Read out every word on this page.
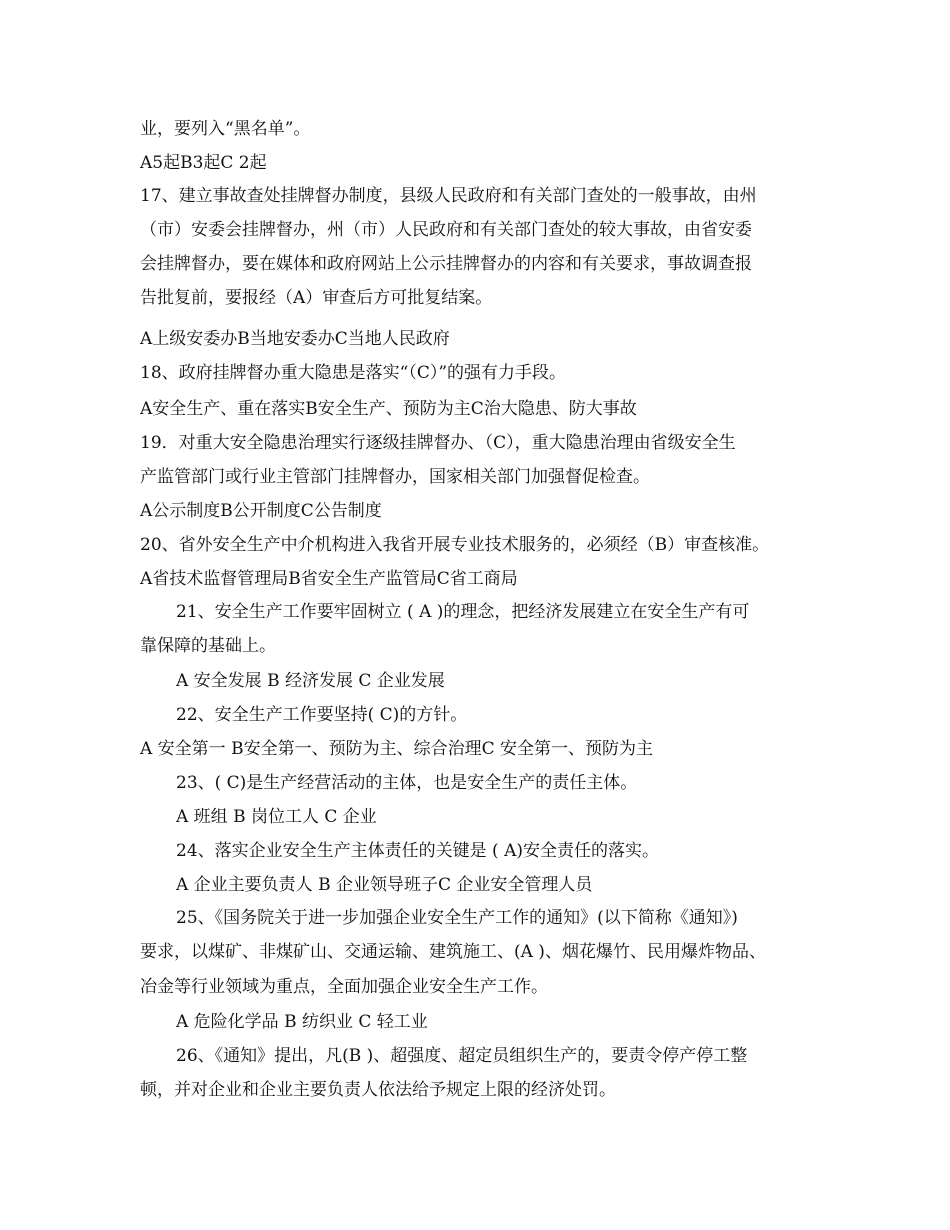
业，要列入“黑名单”。

A5起B3起C 2起

17、建立事故查处挂牌督办制度，县级人民政府和有关部门查处的一般事故，由州

（市）安委会挂牌督办，州（市）人民政府和有关部门查处的较大事故，由省安委

会挂牌督办，要在媒体和政府网站上公示挂牌督办的内容和有关要求，事故调查报

告批复前，要报经（A）审查后方可批复结案。

A上级安委办B当地安委办C当地人民政府

18、政府挂牌督办重大隐患是落实“（C）”的强有力手段。

A安全生产、重在落实B安全生产、预防为主C治大隐患、防大事故

19．对重大安全隐患治理实行逐级挂牌督办、（C），重大隐患治理由省级安全生

产监管部门或行业主管部门挂牌督办，国家相关部门加强督促检查。

A公示制度B公开制度C公告制度

20、省外安全生产中介机构进入我省开展专业技术服务的，必须经（B）审查核准。

A省技术监督管理局B省安全生产监管局C省工商局

21、安全生产工作要牢固树立 ( A )的理念，把经济发展建立在安全生产有可

靠保障的基础上。

A 安全发展 B 经济发展 C 企业发展

22、安全生产工作要坚持( C)的方针。

A 安全第一 B安全第一、预防为主、综合治理C 安全第一、预防为主

23、( C)是生产经营活动的主体，也是安全生产的责任主体。

A 班组 B 岗位工人 C 企业

24、落实企业安全生产主体责任的关键是 ( A)安全责任的落实。

A 企业主要负责人 B 企业领导班子C 企业安全管理人员

25、《国务院关于进一步加强企业安全生产工作的通知》(以下简称《通知》)

要求，以煤矿、非煤矿山、交通运输、建筑施工、(A )、烟花爆竹、民用爆炸物品、

冶金等行业领域为重点，全面加强企业安全生产工作。

A 危险化学品 B 纺织业 C 轻工业

26、《通知》提出，凡(B )、超强度、超定员组织生产的，要责令停产停工整

顿，并对企业和企业主要负责人依法给予规定上限的经济处罚。
